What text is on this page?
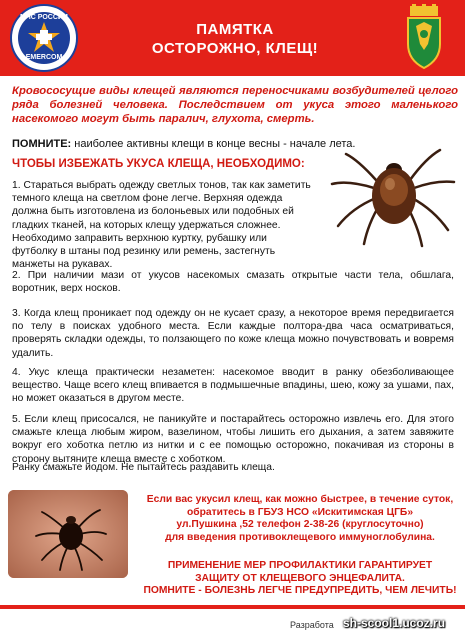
МЧС РОССИИ
EMERCOM
ПАМЯТКА
ОСТОРОЖНО, КЛЕЩ!
Кровососущие виды клещей являются переносчиками возбудителей целого ряда болезней человека. Последствием от укуса этого маленького насекомого могут быть паралич, глухота, смерть.
ПОМНИТЕ: наиболее активны клещи в конце весны - начале лета.
ЧТОБЫ ИЗБЕЖАТЬ УКУСА КЛЕЩА, НЕОБХОДИМО:
1. Стараться выбрать одежду светлых тонов, так как заметить темного клеща на светлом фоне легче. Верхняя одежда должна быть изготовлена из болоньевых или подобных ей гладких тканей, на которых клещу удержаться сложнее. Необходимо заправить верхнюю куртку, рубашку или футболку в штаны под резинку или ремень, застегнуть манжеты на рукавах.
2. При наличии мази от укусов насекомых смазать открытые части тела, обшлага, воротник, верх носков.
3. Когда клещ проникает под одежду он не кусает сразу, а некоторое время передвигается по телу в поисках удобного места. Если каждые полтора-два часа осматриваться, проверять складки одежды, то ползающего по коже клеща можно почувствовать и вовремя удалить.
4. Укус клеща практически незаметен: насекомое вводит в ранку обезболивающее вещество. Чаще всего клещ впивается в подмышечные впадины, шею, кожу за ушами, пах, но может оказаться в другом месте.
5. Если клещ присосался, не паникуйте и постарайтесь осторожно извлечь его. Для этого смажьте клеща любым жиром, вазелином, чтобы лишить его дыхания, а затем завяжите вокруг его хоботка петлю из нитки и с ее помощью осторожно, покачивая из стороны в сторону вытяните клеща вместе с хоботком.
Ранку смажьте йодом. Не пытайтесь раздавить клеща.
Если вас укусил клещ, как можно быстрее, в течение суток,
обратитесь в ГБУЗ НСО «Искитимская ЦГБ»
ул.Пушкина ,52 телефон 2-38-26 (круглосуточно)
для введения противоклещевого иммуноглобулина.
ПРИМЕНЕНИЕ МЕР ПРОФИЛАКТИКИ ГАРАНТИРУЕТ
ЗАЩИТУ ОТ КЛЕЩЕВОГО ЭНЦЕФАЛИТА.
ПОМНИТЕ - БОЛЕЗНЬ ЛЕГЧЕ ПРЕДУПРЕДИТЬ, ЧЕМ ЛЕЧИТЬ!
Разработа sh-scool1.ucoz.ru
